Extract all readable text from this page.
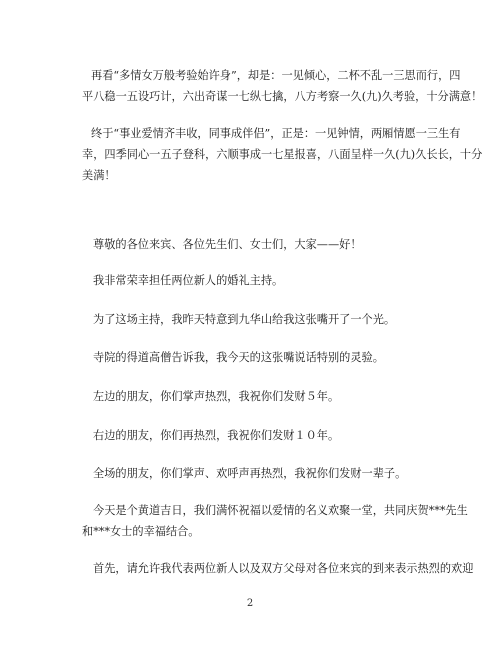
再看“多情女万般考验始许身”，却是：一见倾心，二杯不乱一三思而行，四
平八稳一五设巧计，六出奇谋一七纵七擒，八方考察一久(九)久考验，十分满意！

终于“事业爱情齐丰收，同事成伴侣”，正是：一见钟情，两厢情愿一三生有
幸，四季同心一五子登科，六顺事成一七星报喜，八面呈样一久(九)久长长，十分
美满！

尊敬的各位来宾、各位先生们、女士们，大家——好！

我非常荣幸担任两位新人的婚礼主持。

为了这场主持，我昨天特意到九华山给我这张嘴开了一个光。

寺院的得道高僧告诉我，我今天的这张嘴说话特别的灵验。

左边的朋友，你们掌声热烈，我祝你们发财５年。

右边的朋友，你们再热烈，我祝你们发财１０年。

全场的朋友，你们掌声、欢呼声再热烈，我祝你们发财一辈子。

今天是个黄道吉日，我们满怀祝福以爱情的名义欢聚一堂，共同庆贺***先生
和***女士的幸福结合。

首先，请允许我代表两位新人以及双方父母对各位来宾的到来表示热烈的欢迎

2
